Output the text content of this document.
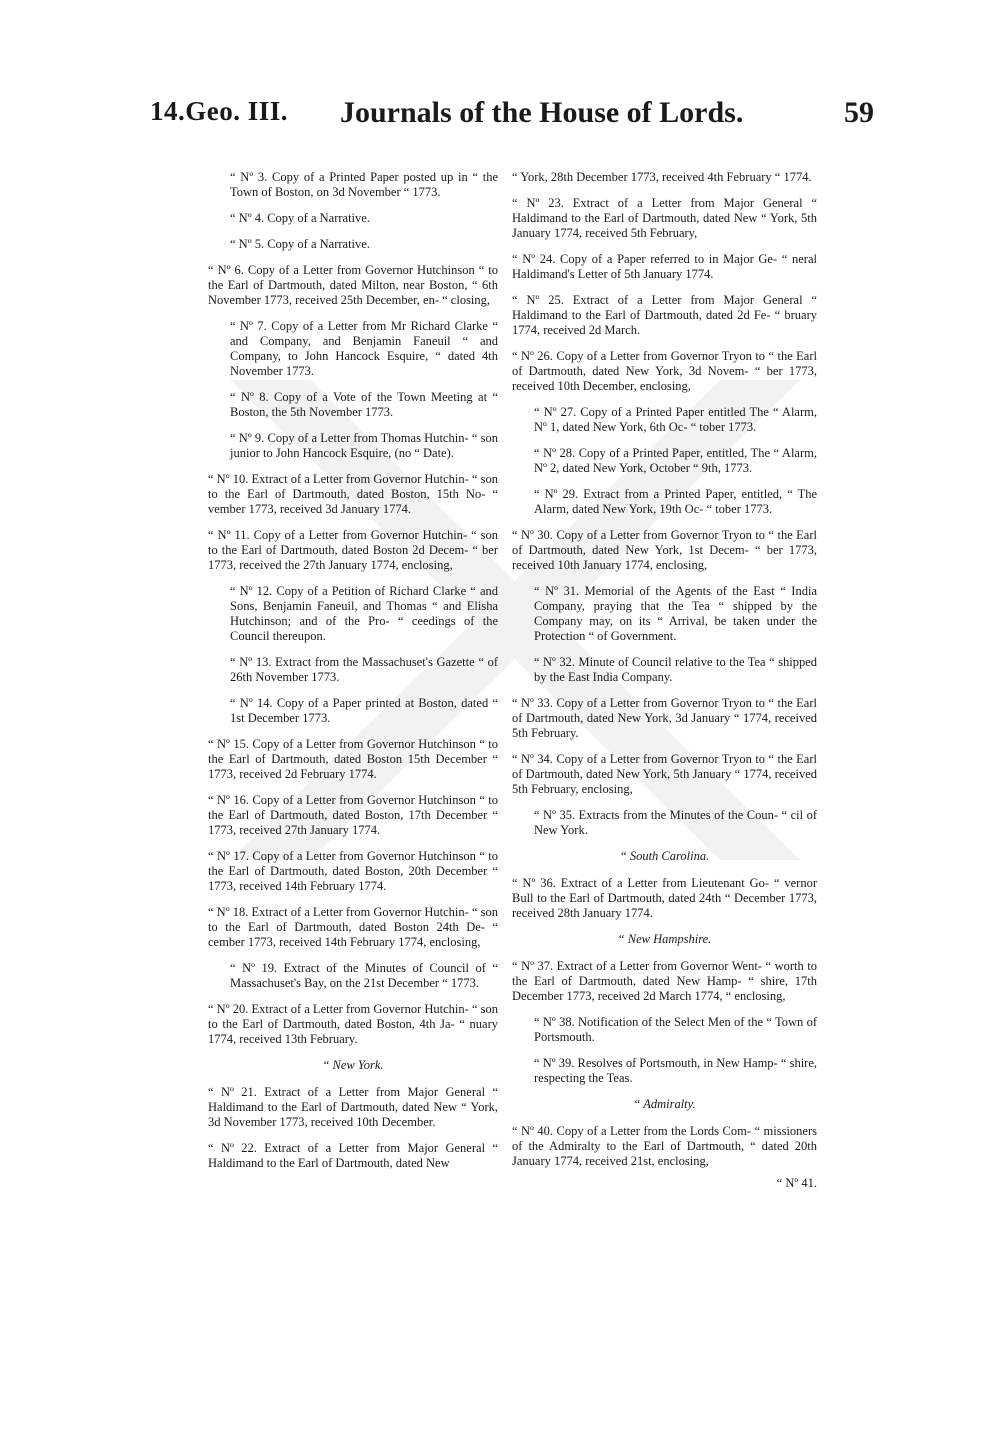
14.Geo. III. Journals of the House of Lords.	59
“ Nº 3. Copy of a Printed Paper posted up in “ the Town of Boston, on 3d November “ 1773.
“ Nº 4. Copy of a Narrative.
“ Nº 5. Copy of a Narrative.
“ Nº 6. Copy of a Letter from Governor Hutchinson “ to the Earl of Dartmouth, dated Milton, near Boston, “ 6th November 1773, received 25th December, en- “ closing,
“ Nº 7. Copy of a Letter from Mr Richard Clarke “ and Company, and Benjamin Faneuil “ and Company, to John Hancock Esquire, “ dated 4th November 1773.
“ Nº 8. Copy of a Vote of the Town Meeting at “ Boston, the 5th November 1773.
“ Nº 9. Copy of a Letter from Thomas Hutchin- “ son junior to John Hancock Esquire, (no “ Date).
“ Nº 10. Extract of a Letter from Governor Hutchin- “ son to the Earl of Dartmouth, dated Boston, 15th No- “ vember 1773, received 3d January 1774.
“ Nº 11. Copy of a Letter from Governor Hutchin- “ son to the Earl of Dartmouth, dated Boston 2d Decem- “ ber 1773, received the 27th January 1774, enclosing,
“ Nº 12. Copy of a Petition of Richard Clarke “ and Sons, Benjamin Faneuil, and Thomas “ and Elisha Hutchinson; and of the Pro- “ ceedings of the Council thereupon.
“ Nº 13. Extract from the Massachuset's Gazette “ of 26th November 1773.
“ Nº 14. Copy of a Paper printed at Boston, dated “ 1st December 1773.
“ Nº 15. Copy of a Letter from Governor Hutchinson “ to the Earl of Dartmouth, dated Boston 15th December “ 1773, received 2d February 1774.
“ Nº 16. Copy of a Letter from Governor Hutchinson “ to the Earl of Dartmouth, dated Boston, 17th December “ 1773, received 27th January 1774.
“ Nº 17. Copy of a Letter from Governor Hutchinson “ to the Earl of Dartmouth, dated Boston, 20th December “ 1773, received 14th February 1774.
“ Nº 18. Extract of a Letter from Governor Hutchin- “ son to the Earl of Dartmouth, dated Boston 24th De- “ cember 1773, received 14th February 1774, enclosing,
“ Nº 19. Extract of the Minutes of Council of “ Massachuset's Bay, on the 21st December “ 1773.
“ Nº 20. Extract of a Letter from Governor Hutchin- “ son to the Earl of Dartmouth, dated Boston, 4th Ja- “ nuary 1774, received 13th February.
“ New York.
“ Nº 21. Extract of a Letter from Major General “ Haldimand to the Earl of Dartmouth, dated New “ York, 3d November 1773, received 10th December.
“ Nº 22. Extract of a Letter from Major General “ Haldimand to the Earl of Dartmouth, dated New
“ York, 28th December 1773, received 4th February “ 1774.
“ Nº 23. Extract of a Letter from Major General “ Haldimand to the Earl of Dartmouth, dated New “ York, 5th January 1774, received 5th February,
“ Nº 24. Copy of a Paper referred to in Major Ge- “ neral Haldimand's Letter of 5th January 1774.
“ Nº 25. Extract of a Letter from Major General “ Haldimand to the Earl of Dartmouth, dated 2d Fe- “ bruary 1774, received 2d March.
“ Nº 26. Copy of a Letter from Governor Tryon to “ the Earl of Dartmouth, dated New York, 3d Novem- “ ber 1773, received 10th December, enclosing,
“ Nº 27. Copy of a Printed Paper entitled The “ Alarm, Nº 1, dated New York, 6th Oc- “ tober 1773.
“ Nº 28. Copy of a Printed Paper, entitled, The “ Alarm, Nº 2, dated New York, October “ 9th, 1773.
“ Nº 29. Extract from a Printed Paper, entitled, “ The Alarm, dated New York, 19th Oc- “ tober 1773.
“ Nº 30. Copy of a Letter from Governor Tryon to “ the Earl of Dartmouth, dated New York, 1st Decem- “ ber 1773, received 10th January 1774, enclosing,
“ Nº 31. Memorial of the Agents of the East “ India Company, praying that the Tea “ shipped by the Company may, on its “ Arrival, be taken under the Protection “ of Government.
“ Nº 32. Minute of Council relative to the Tea “ shipped by the East India Company.
“ Nº 33. Copy of a Letter from Governor Tryon to “ the Earl of Dartmouth, dated New York, 3d January “ 1774, received 5th February.
“ Nº 34. Copy of a Letter from Governor Tryon to “ the Earl of Dartmouth, dated New York, 5th January “ 1774, received 5th February, enclosing,
“ Nº 35. Extracts from the Minutes of the Coun- “ cil of New York.
“ South Carolina.
“ Nº 36. Extract of a Letter from Lieutenant Go- “ vernor Bull to the Earl of Dartmouth, dated 24th “ December 1773, received 28th January 1774.
“ New Hampshire.
“ Nº 37. Extract of a Letter from Governor Went- “ worth to the Earl of Dartmouth, dated New Hamp- “ shire, 17th December 1773, received 2d March 1774, “ enclosing,
“ Nº 38. Notification of the Select Men of the “ Town of Portsmouth.
“ Nº 39. Resolves of Portsmouth, in New Hamp- “ shire, respecting the Teas.
“ Admiralty.
“ Nº 40. Copy of a Letter from the Lords Com- “ missioners of the Admiralty to the Earl of Dartmouth, “ dated 20th January 1774, received 21st, enclosing,
“ Nº 41.
